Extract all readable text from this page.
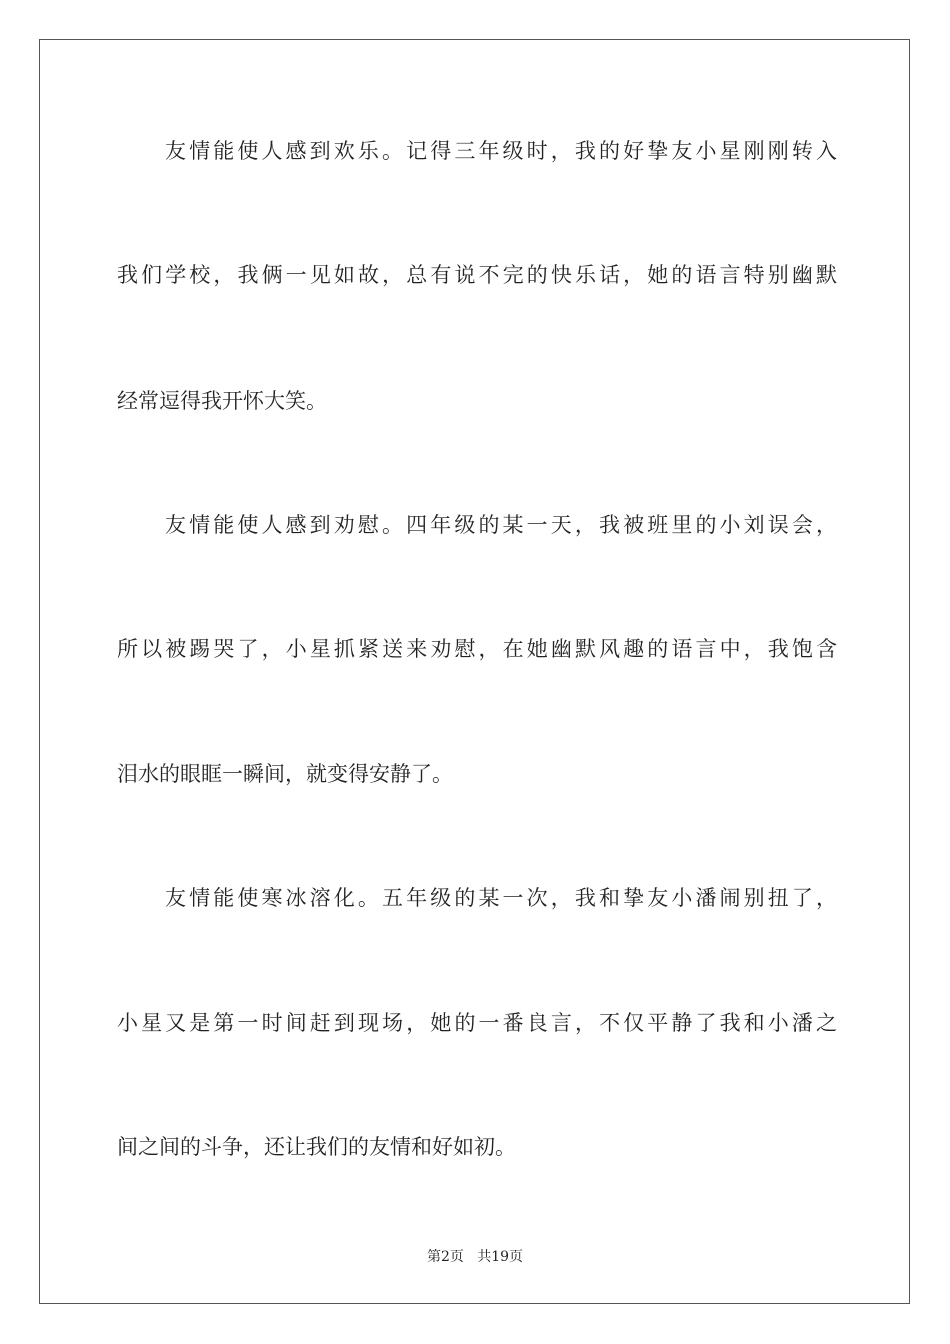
友情能使人感到欢乐。记得三年级时，我的好挚友小星刚刚转入
我们学校，我俩一见如故，总有说不完的快乐话，她的语言特别幽默
经常逗得我开怀大笑。
友情能使人感到劝慰。四年级的某一天，我被班里的小刘误会，
所以被踢哭了，小星抓紧送来劝慰，在她幽默风趣的语言中，我饱含
泪水的眼眶一瞬间，就变得安静了。
友情能使寒冰溶化。五年级的某一次，我和挚友小潘闹别扭了，
小星又是第一时间赶到现场，她的一番良言，不仅平静了我和小潘之
间之间的斗争，还让我们的友情和好如初。
第2页   共19页
